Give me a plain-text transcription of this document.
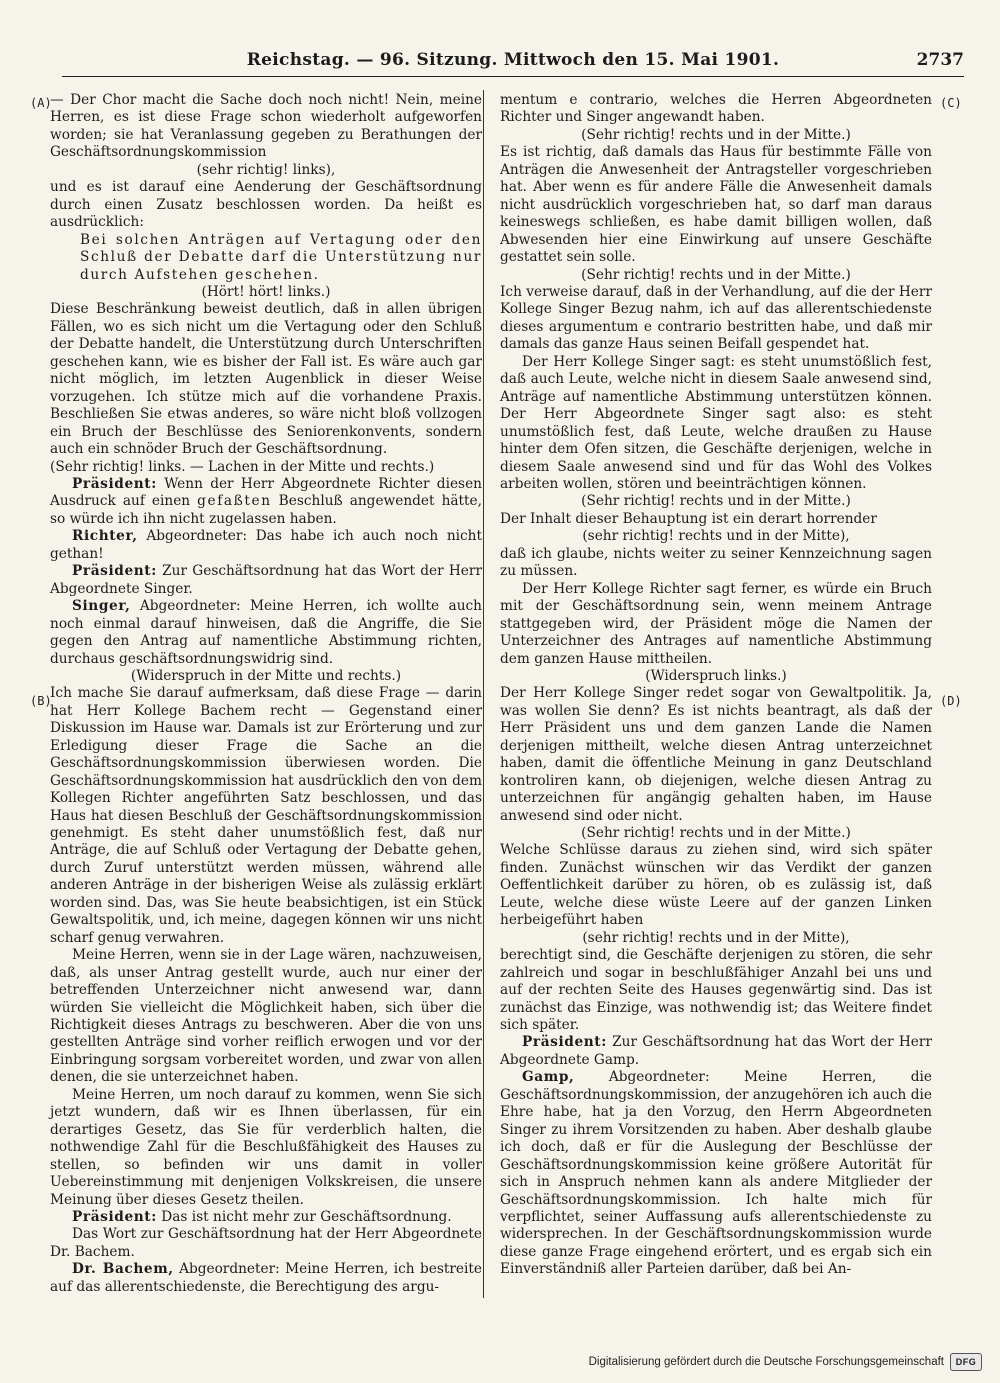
Reichstag. — 96. Sitzung. Mittwoch den 15. Mai 1901.	2737
(A)
(B)
(C)
(D)

— Der Chor macht die Sache doch noch nicht! Nein, meine Herren, es ist diese Frage schon wiederholt aufgeworfen worden; sie hat Veranlassung gegeben zu Berathungen der Geschäftsordnungskommission

(sehr richtig! links),

und es ist darauf eine Aenderung der Geschäftsordnung durch einen Zusatz beschlossen worden. Da heißt es ausdrücklich:

Bei solchen Anträgen auf Vertagung oder den Schluß der Debatte darf die Unterstützung nur durch Aufstehen geschehen.

(Hört! hört! links.)

Diese Beschränkung beweist deutlich, daß in allen übrigen Fällen, wo es sich nicht um die Vertagung oder den Schluß der Debatte handelt, die Unterstützung durch Unterschriften geschehen kann, wie es bisher der Fall ist. Es wäre auch gar nicht möglich, im letzten Augenblick in dieser Weise vorzugehen. Ich stütze mich auf die vorhandene Praxis. Beschließen Sie etwas anderes, so wäre nicht bloß vollzogen ein Bruch der Beschlüsse des Seniorenkonvents, sondern auch ein schnöder Bruch der Geschäftsordnung.

(Sehr richtig! links. — Lachen in der Mitte und rechts.)

Präsident: Wenn der Herr Abgeordnete Richter diesen Ausdruck auf einen gefaßten Beschluß angewendet hätte, so würde ich ihn nicht zugelassen haben.

Richter, Abgeordneter: Das habe ich auch noch nicht gethan!

Präsident: Zur Geschäftsordnung hat das Wort der Herr Abgeordnete Singer.

Singer, Abgeordneter: Meine Herren, ich wollte auch noch einmal darauf hinweisen, daß die Angriffe, die Sie gegen den Antrag auf namentliche Abstimmung richten, durchaus geschäftsordnungswidrig sind.

(Widerspruch in der Mitte und rechts.)

Ich mache Sie darauf aufmerksam, daß diese Frage — darin hat Herr Kollege Bachem recht — Gegenstand einer Diskussion im Hause war. Damals ist zur Erörterung und zur Erledigung dieser Frage die Sache an die Geschäftsordnungskommission überwiesen worden. Die Geschäftsordnungskommission hat ausdrücklich den von dem Kollegen Richter angeführten Satz beschlossen, und das Haus hat diesen Beschluß der Geschäftsordnungskommission genehmigt. Es steht daher unumstößlich fest, daß nur Anträge, die auf Schluß oder Vertagung der Debatte gehen, durch Zuruf unterstützt werden müssen, während alle anderen Anträge in der bisherigen Weise als zulässig erklärt worden sind. Das, was Sie heute beabsichtigen, ist ein Stück Gewaltspolitik, und, ich meine, dagegen können wir uns nicht scharf genug verwahren.

Meine Herren, wenn sie in der Lage wären, nachzuweisen, daß, als unser Antrag gestellt wurde, auch nur einer der betreffenden Unterzeichner nicht anwesend war, dann würden Sie vielleicht die Möglichkeit haben, sich über die Richtigkeit dieses Antrags zu beschweren. Aber die von uns gestellten Anträge sind vorher reiflich erwogen und vor der Einbringung sorgsam vorbereitet worden, und zwar von allen denen, die sie unterzeichnet haben.

Meine Herren, um noch darauf zu kommen, wenn Sie sich jetzt wundern, daß wir es Ihnen überlassen, für ein derartiges Gesetz, das Sie für verderblich halten, die nothwendige Zahl für die Beschlußfähigkeit des Hauses zu stellen, so befinden wir uns damit in voller Uebereinstimmung mit denjenigen Volkskreisen, die unsere Meinung über dieses Gesetz theilen.

Präsident: Das ist nicht mehr zur Geschäftsordnung.

Das Wort zur Geschäftsordnung hat der Herr Abgeordnete Dr. Bachem.

Dr. Bachem, Abgeordneter: Meine Herren, ich bestreite auf das allerentschiedenste, die Berechtigung des argu-

mentum e contrario, welches die Herren Abgeordneten Richter und Singer angewandt haben.

(Sehr richtig! rechts und in der Mitte.)

Es ist richtig, daß damals das Haus für bestimmte Fälle von Anträgen die Anwesenheit der Antragsteller vorgeschrieben hat. Aber wenn es für andere Fälle die Anwesenheit damals nicht ausdrücklich vorgeschrieben hat, so darf man daraus keineswegs schließen, es habe damit billigen wollen, daß Abwesenden hier eine Einwirkung auf unsere Geschäfte gestattet sein solle.

(Sehr richtig! rechts und in der Mitte.)

Ich verweise darauf, daß in der Verhandlung, auf die der Herr Kollege Singer Bezug nahm, ich auf das allerentschiedenste dieses argumentum e contrario bestritten habe, und daß mir damals das ganze Haus seinen Beifall gespendet hat.

Der Herr Kollege Singer sagt: es steht unumstößlich fest, daß auch Leute, welche nicht in diesem Saale anwesend sind, Anträge auf namentliche Abstimmung unterstützen können. Der Herr Abgeordnete Singer sagt also: es steht unumstößlich fest, daß Leute, welche draußen zu Hause hinter dem Ofen sitzen, die Geschäfte derjenigen, welche in diesem Saale anwesend sind und für das Wohl des Volkes arbeiten wollen, stören und beeinträchtigen können.

(Sehr richtig! rechts und in der Mitte.)

Der Inhalt dieser Behauptung ist ein derart horrender

(sehr richtig! rechts und in der Mitte),

daß ich glaube, nichts weiter zu seiner Kennzeichnung sagen zu müssen.

Der Herr Kollege Richter sagt ferner, es würde ein Bruch mit der Geschäftsordnung sein, wenn meinem Antrage stattgegeben wird, der Präsident möge die Namen der Unterzeichner des Antrages auf namentliche Abstimmung dem ganzen Hause mittheilen.

(Widerspruch links.)

Der Herr Kollege Singer redet sogar von Gewaltpolitik. Ja, was wollen Sie denn? Es ist nichts beantragt, als daß der Herr Präsident uns und dem ganzen Lande die Namen derjenigen mittheilt, welche diesen Antrag unterzeichnet haben, damit die öffentliche Meinung in ganz Deutschland kontroliren kann, ob diejenigen, welche diesen Antrag zu unterzeichnen für angängig gehalten haben, im Hause anwesend sind oder nicht.

(Sehr richtig! rechts und in der Mitte.)

Welche Schlüsse daraus zu ziehen sind, wird sich später finden. Zunächst wünschen wir das Verdikt der ganzen Oeffentlichkeit darüber zu hören, ob es zulässig ist, daß Leute, welche diese wüste Leere auf der ganzen Linken herbeigeführt haben

(sehr richtig! rechts und in der Mitte),

berechtigt sind, die Geschäfte derjenigen zu stören, die sehr zahlreich und sogar in beschlußfähiger Anzahl bei uns und auf der rechten Seite des Hauses gegenwärtig sind. Das ist zunächst das Einzige, was nothwendig ist; das Weitere findet sich später.

Präsident: Zur Geschäftsordnung hat das Wort der Herr Abgeordnete Gamp.

Gamp,	Abgeordneter: Meine Herren, die Geschäftsordnungskommission, der anzugehören ich auch die Ehre habe, hat ja den Vorzug, den Herrn Abgeordneten Singer zu ihrem Vorsitzenden zu haben. Aber deshalb glaube ich doch, daß er für die Auslegung der Beschlüsse der Geschäftsordnungskommission keine größere Autorität für sich in Anspruch nehmen kann als andere Mitglieder der Geschäftsordnungskommission. Ich halte mich für verpflichtet, seiner Auffassung aufs allerentschiedenste zu widersprechen. In der Geschäftsordnungskommission wurde diese ganze Frage eingehend erörtert, und es ergab sich ein Einverständniß aller Parteien darüber, daß bei An-

Digitalisierung gefördert durch die Deutsche Forschungsgemeinschaft	DFG
